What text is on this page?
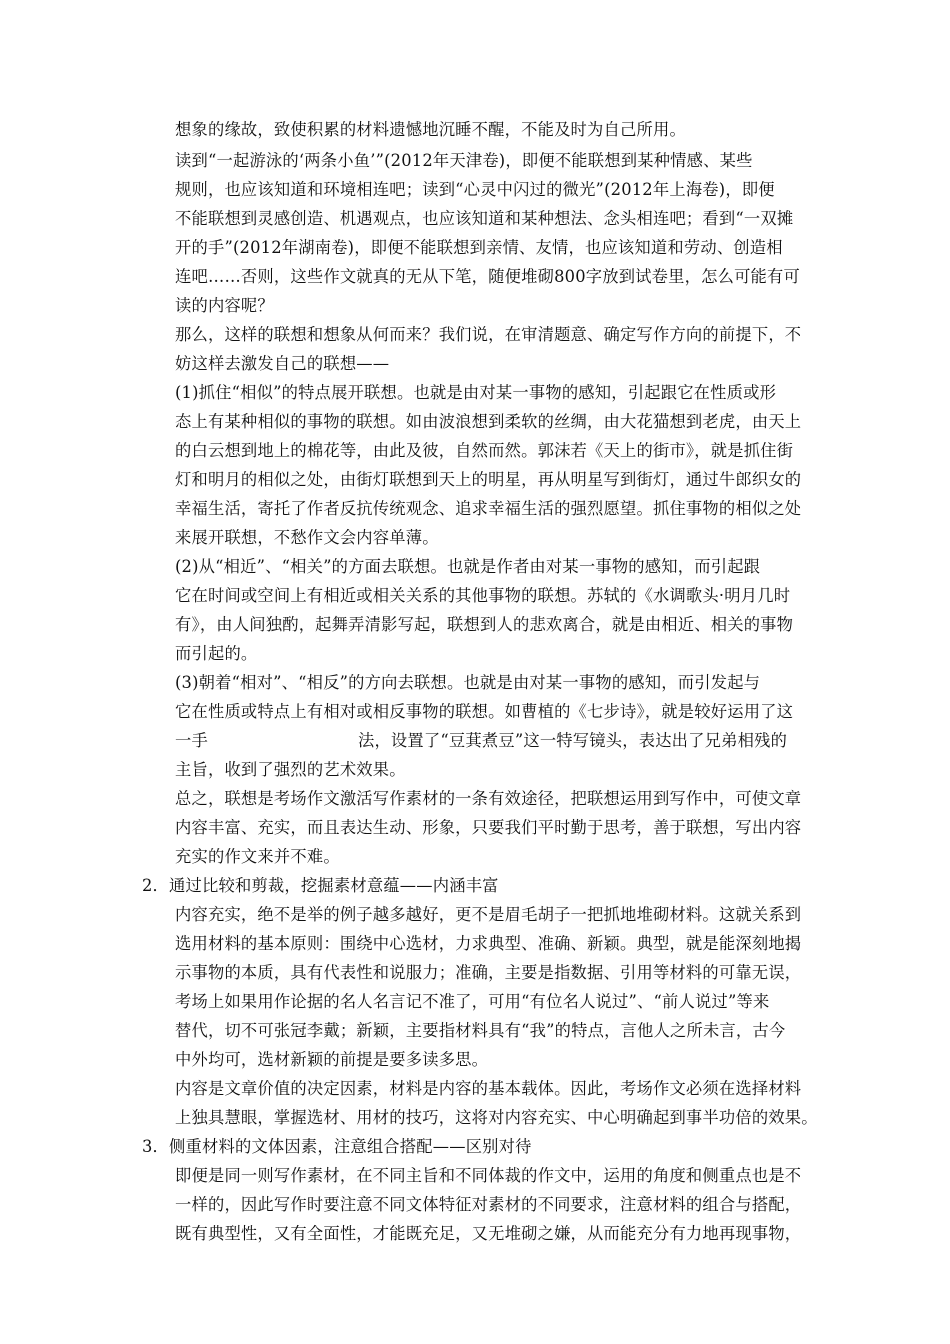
想象的缘故，致使积累的材料遗憾地沉睡不醒，不能及时为自己所用。
读到“一起游泳的‘两条小鱼’”(2012年天津卷)，即便不能联想到某种情感、某些
规则，也应该知道和环境相连吧；读到“心灵中闪过的微光”(2012年上海卷)，即便
不能联想到灵感创造、机遇观点，也应该知道和某种想法、念头相连吧；看到“一双摊
开的手”(2012年湖南卷)，即便不能联想到亲情、友情，也应该知道和劳动、创造相
连吧……否则，这些作文就真的无从下笔，随便堆砌800字放到试卷里，怎么可能有可
读的内容呢？
那么，这样的联想和想象从何而来？我们说，在审清题意、确定写作方向的前提下，不
妨这样去激发自己的联想——
(1)抓住“相似”的特点展开联想。也就是由对某一事物的感知，引起跟它在性质或形
态上有某种相似的事物的联想。如由波浪想到柔软的丝绸，由大花猫想到老虎，由天上
的白云想到地上的棉花等，由此及彼，自然而然。郭沫若《天上的街市》，就是抓住街
灯和明月的相似之处，由街灯联想到天上的明星，再从明星写到街灯，通过牛郎织女的
幸福生活，寄托了作者反抗传统观念、追求幸福生活的强烈愿望。抓住事物的相似之处
来展开联想，不愁作文会内容单薄。
(2)从“相近”、“相关”的方面去联想。也就是作者由对某一事物的感知，而引起跟
它在时间或空间上有相近或相关关系的其他事物的联想。苏轼的《水调歌头·明月几时
有》，由人间独酌，起舞弄清影写起，联想到人的悲欢离合，就是由相近、相关的事物
而引起的。
(3)朝着“相对”、“相反”的方向去联想。也就是由对某一事物的感知，而引发起与
它在性质或特点上有相对或相反事物的联想。如曹植的《七步诗》，就是较好运用了这
一手	法，设置了“豆萁煮豆”这一特写镜头，表达出了兄弟相残的
主旨，收到了强烈的艺术效果。
总之，联想是考场作文激活写作素材的一条有效途径，把联想运用到写作中，可使文章
内容丰富、充实，而且表达生动、形象，只要我们平时勤于思考，善于联想，写出内容
充实的作文来并不难。
2．通过比较和剪裁，挖掘素材意蕴——内涵丰富
内容充实，绝不是举的例子越多越好，更不是眉毛胡子一把抓地堆砌材料。这就关系到
选用材料的基本原则：围绕中心选材，力求典型、准确、新颖。典型，就是能深刻地揭
示事物的本质，具有代表性和说服力；准确，主要是指数据、引用等材料的可靠无误，
考场上如果用作论据的名人名言记不准了，可用“有位名人说过”、“前人说过”等来
替代，切不可张冠李戴；新颖，主要指材料具有“我”的特点，言他人之所未言，古今
中外均可，选材新颖的前提是要多读多思。
内容是文章价值的决定因素，材料是内容的基本载体。因此，考场作文必须在选择材料
上独具慧眼，掌握选材、用材的技巧，这将对内容充实、中心明确起到事半功倍的效果。
3．侧重材料的文体因素，注意组合搭配——区别对待
即便是同一则写作素材，在不同主旨和不同体裁的作文中，运用的角度和侧重点也是不
一样的，因此写作时要注意不同文体特征对素材的不同要求，注意材料的组合与搭配，
既有典型性，又有全面性，才能既充足，又无堆砌之嫌，从而能充分有力地再现事物，
